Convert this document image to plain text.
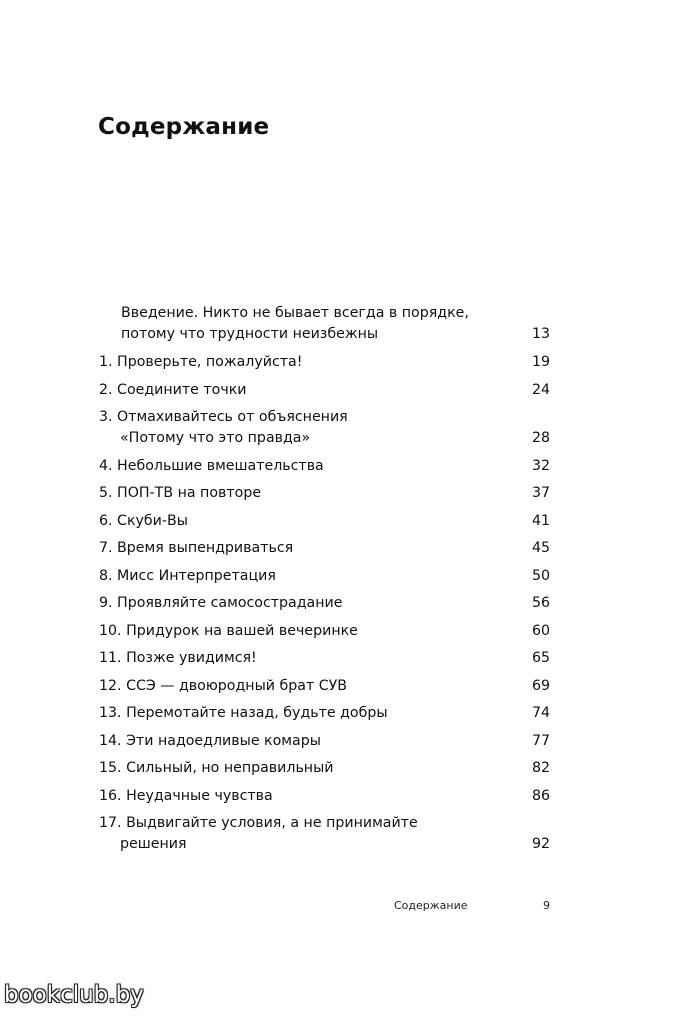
Содержание
Введение. Никто не бывает всегда в порядке,
потому что трудности неизбежны	13
1. Проверьте, пожалуйста!	19
2. Соедините точки	24
3. Отмахивайтесь от объяснения
«Потому что это правда»	28
4. Небольшие вмешательства	32
5. ПОП-ТВ на повторе	37
6. Скуби-Вы	41
7. Время выпендриваться	45
8. Мисс Интерпретация	50
9. Проявляйте самосострадание	56
10. Придурок на вашей вечеринке	60
11. Позже увидимся!	65
12. ССЭ — двоюродный брат СУВ	69
13. Перемотайте назад, будьте добры	74
14. Эти надоедливые комары	77
15. Сильный, но неправильный	82
16. Неудачные чувства	86
17. Выдвигайте условия, а не принимайте
решения	92
Содержание	9
bookclub.by
